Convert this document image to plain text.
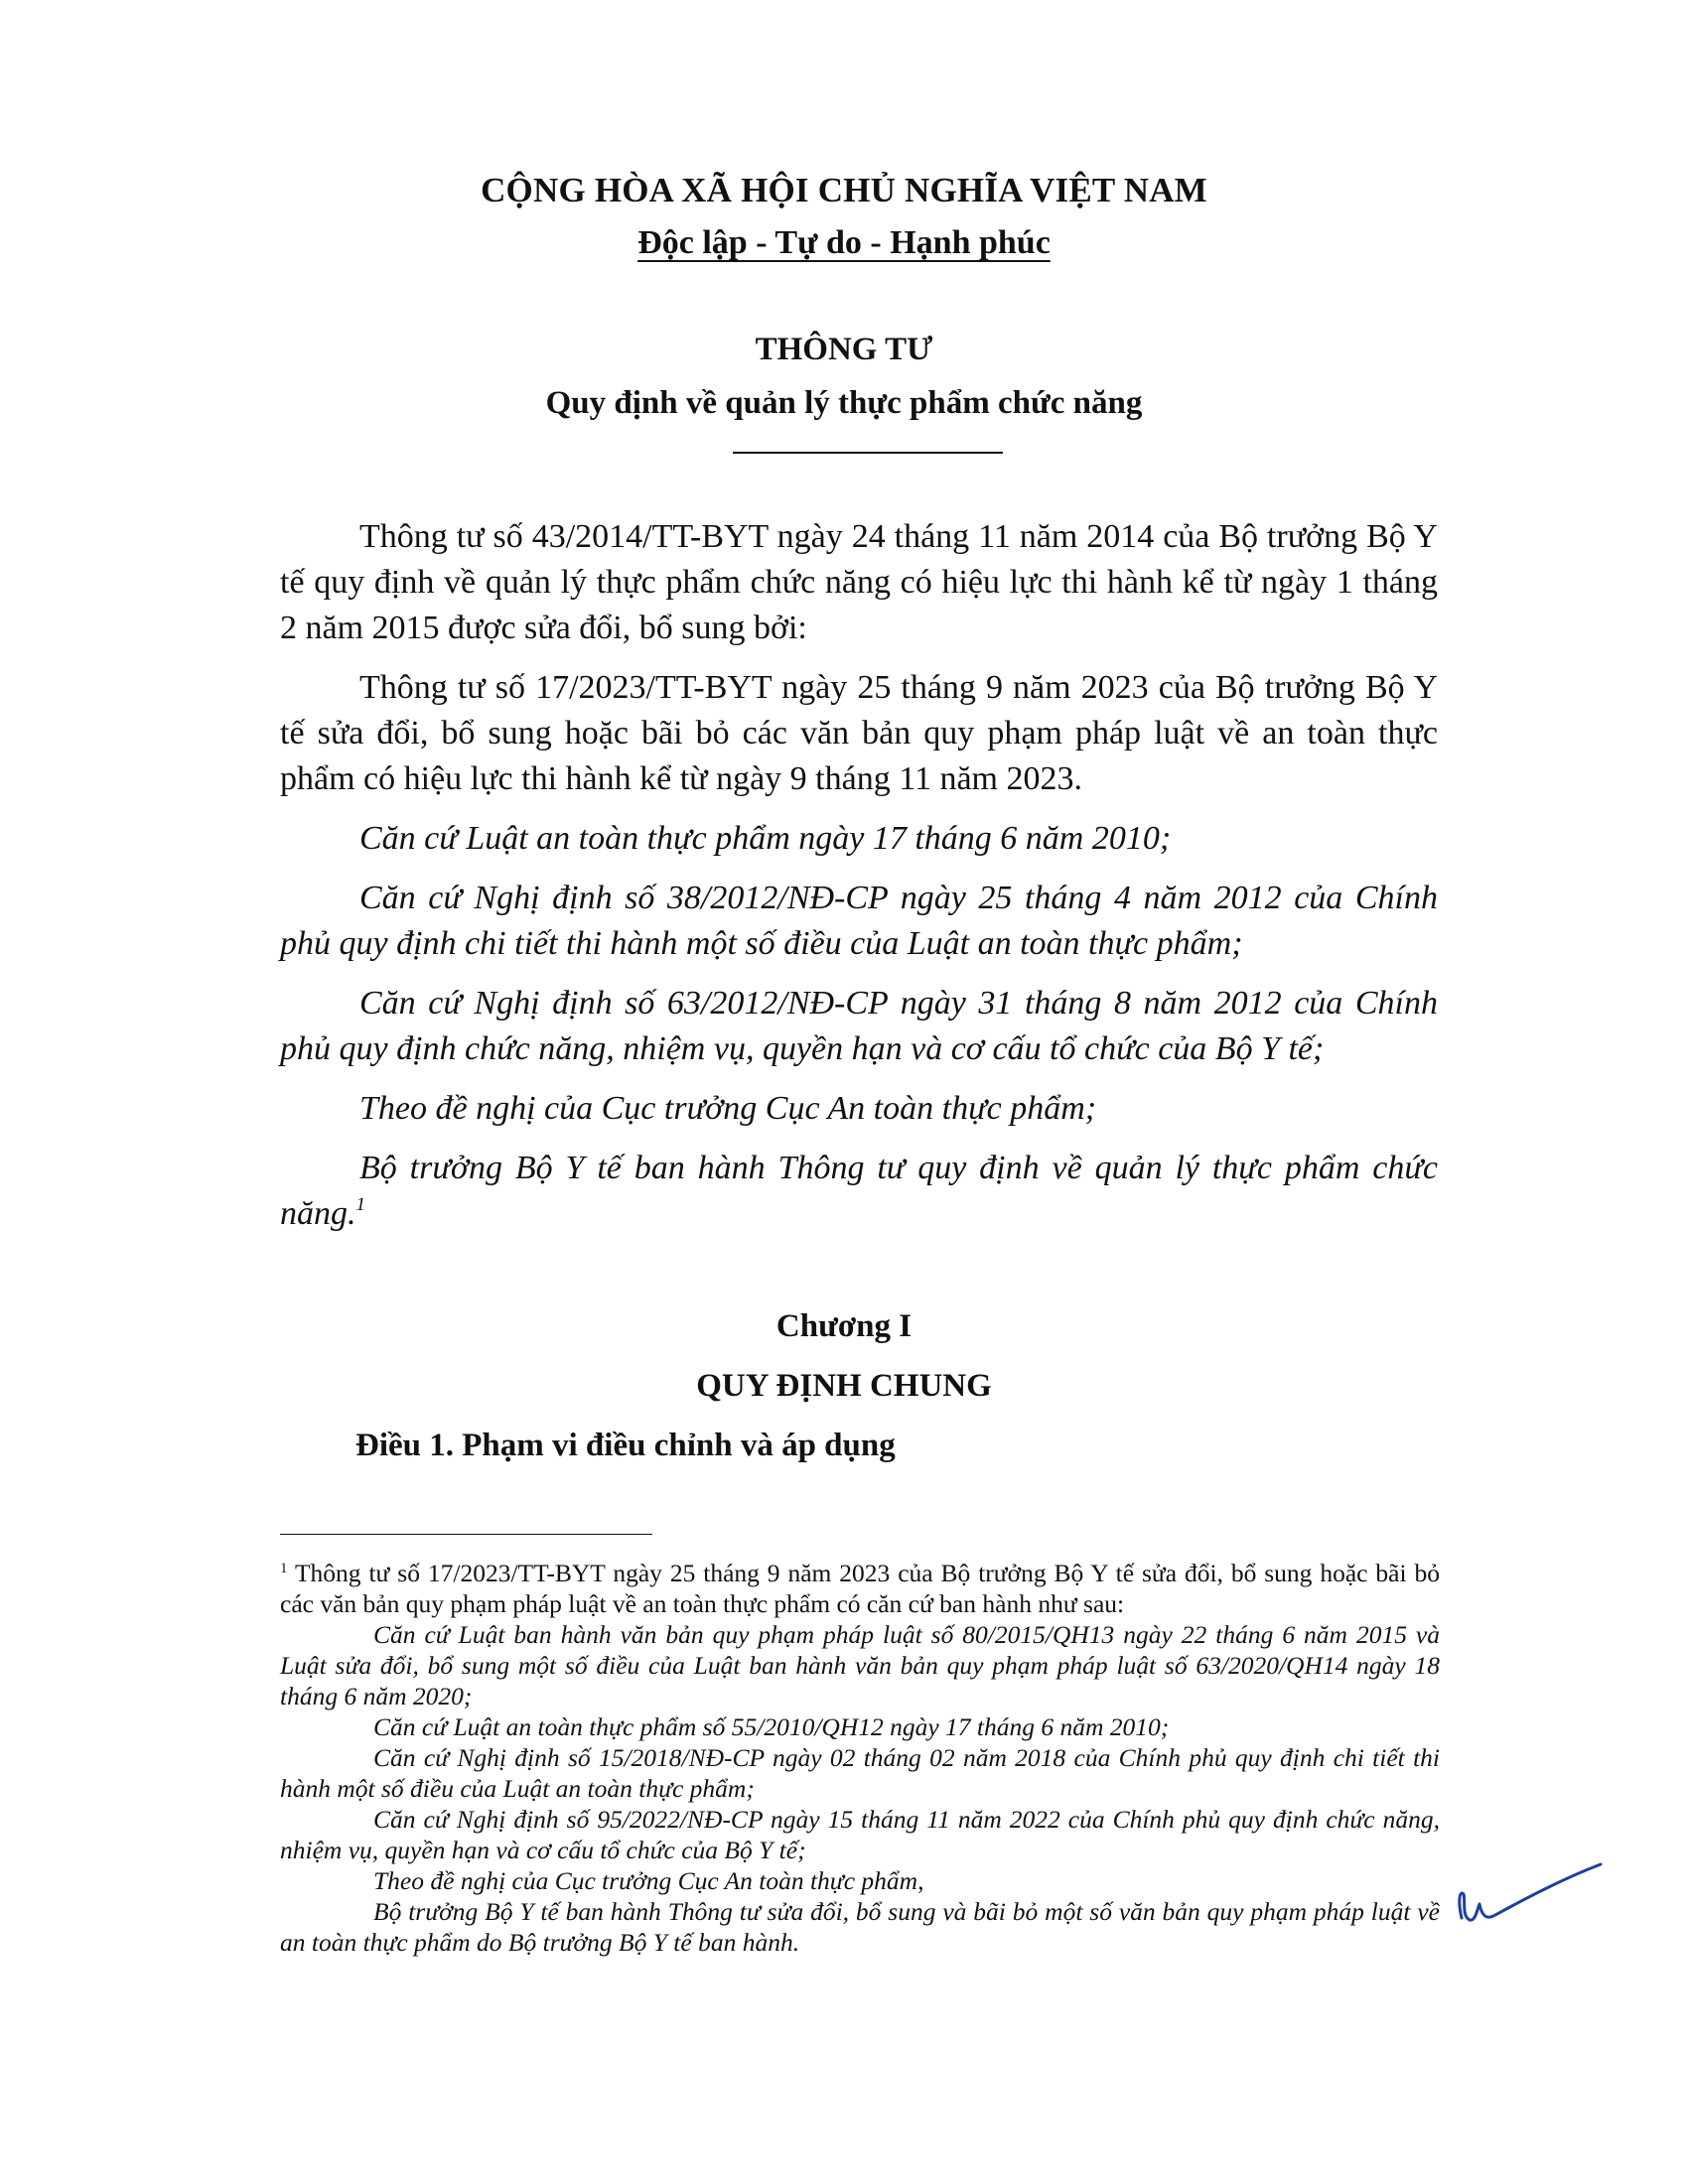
CỘNG HÒA XÃ HỘI CHỦ NGHĨA VIỆT NAM
Độc lập - Tự do - Hạnh phúc
THÔNG TƯ
Quy định về quản lý thực phẩm chức năng

Thông tư số 43/2014/TT-BYT ngày 24 tháng 11 năm 2014 của Bộ trưởng Bộ Y tế quy định về quản lý thực phẩm chức năng có hiệu lực thi hành kể từ ngày 1 tháng 2 năm 2015 được sửa đổi, bổ sung bởi:

Thông tư số 17/2023/TT-BYT ngày 25 tháng 9 năm 2023 của Bộ trưởng Bộ Y tế sửa đổi, bổ sung hoặc bãi bỏ các văn bản quy phạm pháp luật về an toàn thực phẩm có hiệu lực thi hành kể từ ngày 9 tháng 11 năm 2023.

Căn cứ Luật an toàn thực phẩm ngày 17 tháng 6 năm 2010;

Căn cứ Nghị định số 38/2012/NĐ-CP ngày 25 tháng 4 năm 2012 của Chính phủ quy định chi tiết thi hành một số điều của Luật an toàn thực phẩm;

Căn cứ Nghị định số 63/2012/NĐ-CP ngày 31 tháng 8 năm 2012 của Chính phủ quy định chức năng, nhiệm vụ, quyền hạn và cơ cấu tổ chức của Bộ Y tế;

Theo đề nghị của Cục trưởng Cục An toàn thực phẩm;

Bộ trưởng Bộ Y tế ban hành Thông tư quy định về quản lý thực phẩm chức năng.$^1$

Chương I
QUY ĐỊNH CHUNG
Điều 1. Phạm vi điều chỉnh và áp dụng

$^1$ Thông tư số 17/2023/TT-BYT ngày 25 tháng 9 năm 2023 của Bộ trưởng Bộ Y tế sửa đổi, bổ sung hoặc bãi bỏ các văn bản quy phạm pháp luật về an toàn thực phẩm có căn cứ ban hành như sau:

Căn cứ Luật ban hành văn bản quy phạm pháp luật số 80/2015/QH13 ngày 22 tháng 6 năm 2015 và Luật sửa đổi, bổ sung một số điều của Luật ban hành văn bản quy phạm pháp luật số 63/2020/QH14 ngày 18 tháng 6 năm 2020;

Căn cứ Luật an toàn thực phẩm số 55/2010/QH12 ngày 17 tháng 6 năm 2010;

Căn cứ Nghị định số 15/2018/NĐ-CP ngày 02 tháng 02 năm 2018 của Chính phủ quy định chi tiết thi hành một số điều của Luật an toàn thực phẩm;

Căn cứ Nghị định số 95/2022/NĐ-CP ngày 15 tháng 11 năm 2022 của Chính phủ quy định chức năng, nhiệm vụ, quyền hạn và cơ cấu tổ chức của Bộ Y tế;

Theo đề nghị của Cục trưởng Cục An toàn thực phẩm,

Bộ trưởng Bộ Y tế ban hành Thông tư sửa đổi, bổ sung và bãi bỏ một số văn bản quy phạm pháp luật về an toàn thực phẩm do Bộ trưởng Bộ Y tế ban hành.
